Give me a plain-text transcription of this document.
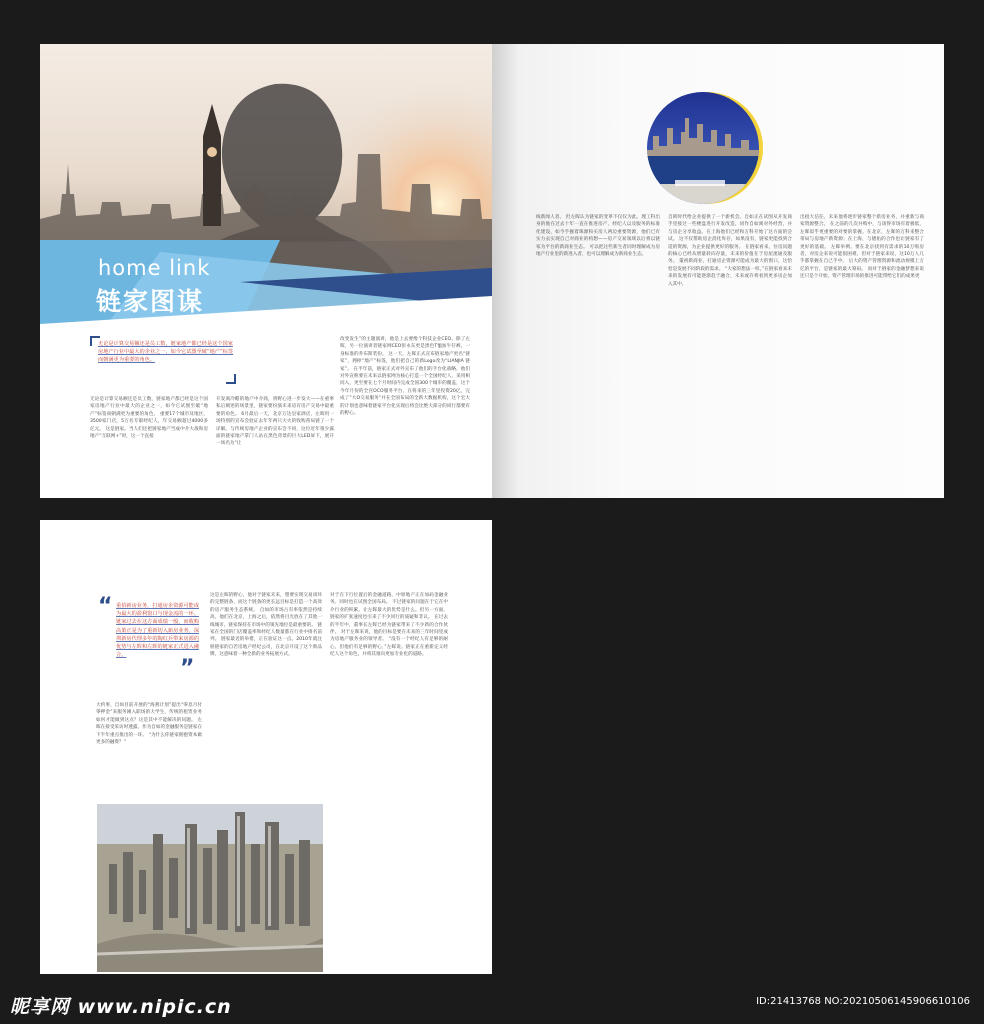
home link
链家图谋
无论是计算交易额还是员工数，链家地产都已经是这个国家房地产行业中最大的企业之一，如今它试图至破“地产”标签而朝满更为重要的角色。
无论是计算交易额还是员工数，链家地产都已经是这个国家房地产行业中最大的企业之一，如今它试图至破“地产”标签而朝满更为重要的角色。 重要17个城市及地区，3500家门店，5万名专职经纪人，年交易额超过4000多亿元。 这是链家。当人们还把链家地产当成中介大战和房地产“互联网+”时，这一个直接
开发商冷酷的地产中介商，将野心进一步发大——在重事私后阐述的场景里，链家要扮演未来房有房产交易中最重要的角色。 6月最后一天，北京万达皇家酒店，左晖用一场特别的宣布会验证去年年两只大火的收购蒂局链了一个详解。与传统房地产企业的宣布会不同，这位近年很少露面的链家地产掌门人站在黑色背景的巨大LED屏下，展开一场名为“让
改变发生”的主题演讲，他是上去要像个科技企业CEO。除了左晖，另一位演讲者链家网CEO彭永东更是黑色T恤加牛仔裤，一身标准的乔布斯装扮。 这一天，左晖正式宣布链家地产更名“链家”，拥掉“地产”标签，他们把自己的新Logo改为“LIANJIA 链家”。 在半年前，链家正式对外宣布了他们的手台化战略，他们对外宣称要在未来以链家网为核心打造一个全国经纪人，采用相同入，更至要在七个月时间内完成全国300个城市的覆盖，这个今年月份的全宫OCO服务平台，在将来的三年里投资20亿，完成了“大O交易服务”并在全国布局的全新大数据机构，这个宏大的计划也意味着链家平台化实现后将会比绝大部分的同行都要有的野心。
线新闻人者。 但左晖认为链家的变革不仅仅为此。理工科出身的他在过去十年一直在推进房产、经纪人以及服务的标准化建设，如今手握着珠源和买房人两边重要资源，他们已有实力去实现自己对商业的构想——房产交易领域以后将以链家为平台的新商业生态。 可以把这些新生者同时理解成为房地产行业里的新进入者，也可以理解成为新商业生态。
自锁时代给企业提供了一个新机会。自如正在试图从开发商手里接过一些楼盘进行开发改造，同作自如寓对外经营，并与房企分享收益。在上海他们已经和万科开始了这方面的尝试。 这不仅帮助房企消化库存，如果没有，链家更能找到合适的资源，为企业提供更好的服务。 在链家看来，住房问题的核心已经从增量转向存量，未来的价值在于房屋流通及服务。 董初新商业，打通房企资源可能成为最大的窗口，这恰恰是发展不同阶段的需求。 “大家的想法一样。”在链家看来未来的发展有可能逐渐趋于融合，未来或许将看到更多房企加入其中。
出租大信任，未来他将逐步链家整个新房业务，并重新与商家资源整合。 在之前的几次并购中，与谈得市场有着极低，左晖似乎更重要的对要的掌握。在北京，左晖的万科来整合蒂局与房地产新资源；在上海，与德佑的合作也让链家有了更好的基础。 左晖举例。要在北京找到有需求的10万购房者，对房企来说可能很困难，但对于链家来说，这10万人几乎都掌握在自己手中。 后大的资产管理资源和流动规模上万亿的平台，是链家的最大筹码。 而对于链家的金融梦想来说还只是个开始，资产管理市场的推进可能带给它们的成果更
“ 重拾新房业务，打通房企资源可能成为最大的盈利窗口与现金流的一环。链家过去在这方面成绩一般，而收购高策正是为了重新切入新房业务。深圳新房代理多年的陶红兵带来房源的优势与左晖和左晖的链家正式进入融合。
”
大约事，自如目前开展的“海燕计划”提出“零息月付零押金”来服务刚入职场的大学生，传统的租赁业务如何才能做到这点？这是其中不能解决的问题。 左晖在接受采访时透露，作为自如的金融服务是链家在下半年重点推出的一环。 “为什么你链家拥抱资本做更多的融资？”
这是左晖的野心，他对于链家未来，想要实现交易闭环的完整链条，而这个链条的更长远目标是打造一个高效的房产服务生态系统。 自如的市场占有率依然是持续高，他们在北京、上海之后，依然将目光放在了其他一线城市，链家保持在市场中的领先地位是最重要的。 链家在全国的门店覆盖率和经纪人数量都在行业中排名前列。 链家最近的举措，正在验证这一点。2010年就注册链家的自若房地产经纪公司，在北京开设了这个新品牌，这意味着一种全新的业务拓展方式。
对于在下行位置后的金融道路，中原地产正在加码金融业务。同时也在试图全国布局。 不过链家的问题在于它在中介行业的积累。让左晖最大的优势是什么。但另一方面，链家的扩张速度也引来了不少同行的质疑和非议。 在过去的半年中，董事长左晖已经为链家带来了不少新的合作伙伴。 对于左晖来说，他的目标是要在未来的三年时间里成为房地产服务业的领导者。 “没有一个经纪人有足够的耐心，但他们有足够的野心，”左晖说。链家正在重新定义经纪人这个角色，并将其推向更加专业化的道路。
昵享网 www.nipic.cn	ID:21413768 NO:20210506145906610106
